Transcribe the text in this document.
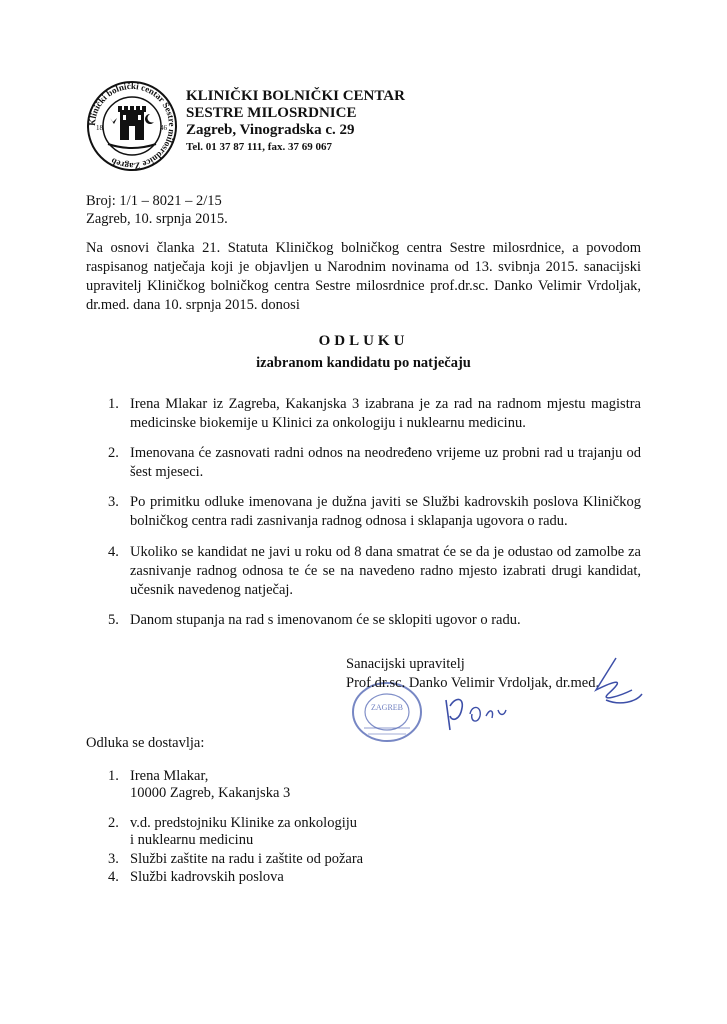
Klinički bolnički centar Sestre milosrdnice Zagreb
18	46
KLINIČKI BOLNIČKI CENTAR
SESTRE MILOSRDNICE
Zagreb, Vinogradska c. 29
Tel. 01 37 87 111, fax. 37 69 067
Broj: 1/1 – 8021 – 2/15
Zagreb, 10. srpnja 2015.
Na osnovi članka 21. Statuta Kliničkog bolničkog centra Sestre milosrdnice, a povodom raspisanog natječaja koji je objavljen u Narodnim novinama od 13. svibnja 2015. sanacijski upravitelj Kliničkog bolničkog centra Sestre milosrdnice prof.dr.sc. Danko Velimir Vrdoljak, dr.med. dana 10. srpnja 2015. donosi
ODLUKU
izabranom kandidatu po natječaju
1. Irena Mlakar iz Zagreba, Kakanjska 3 izabrana je za rad na radnom mjestu magistra medicinske biokemije u Klinici za onkologiju i nuklearnu medicinu.
2. Imenovana će zasnovati radni odnos na neodređeno vrijeme uz probni rad u trajanju od šest mjeseci.
3. Po primitku odluke imenovana je dužna javiti se Službi kadrovskih poslova Kliničkog bolničkog centra radi zasnivanja radnog odnosa i sklapanja ugovora o radu.
4. Ukoliko se kandidat ne javi u roku od 8 dana smatrat će se da je odustao od zamolbe za zasnivanje radnog odnosa te će se na navedeno radno mjesto izabrati drugi kandidat, učesnik navedenog natječaj.
5. Danom stupanja na rad s imenovanom će se sklopiti ugovor o radu.
ZAGREB
Sanacijski upravitelj
Prof.dr.sc. Danko Velimir Vrdoljak, dr.med.
Odluka se dostavlja:
1. Irena Mlakar,
10000 Zagreb, Kakanjska 3
2. v.d. predstojniku Klinike za onkologiju
i nuklearnu medicinu
3. Službi zaštite na radu i zaštite od požara
4. Službi kadrovskih poslova
